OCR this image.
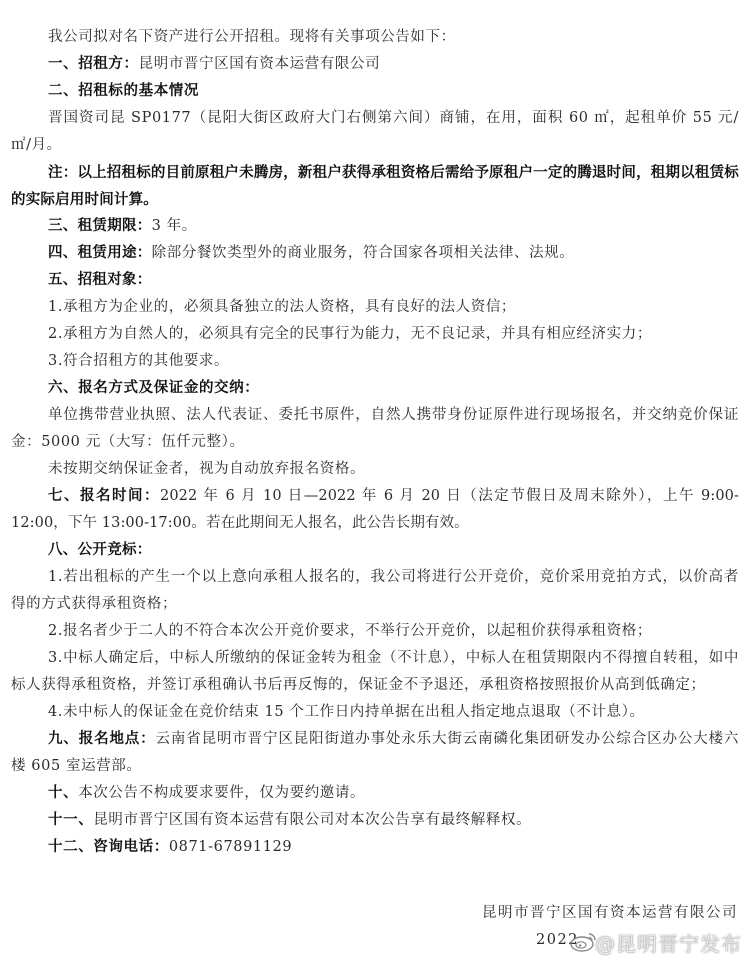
我公司拟对名下资产进行公开招租。现将有关事项公告如下：

一、招租方：昆明市晋宁区国有资本运营有限公司

二、招租标的基本情况

晋国资司昆 SP0177（昆阳大街区政府大门右侧第六间）商铺，在用，面积 60 ㎡，起租单价 55 元/㎡/月。

注：以上招租标的目前原租户未腾房，新租户获得承租资格后需给予原租户一定的腾退时间，租期以租赁标的实际启用时间计算。

三、租赁期限：3 年。

四、租赁用途：除部分餐饮类型外的商业服务，符合国家各项相关法律、法规。

五、招租对象：

1.承租方为企业的，必须具备独立的法人资格，具有良好的法人资信；

2.承租方为自然人的，必须具有完全的民事行为能力，无不良记录，并具有相应经济实力；

3.符合招租方的其他要求。

六、报名方式及保证金的交纳：

单位携带营业执照、法人代表证、委托书原件，自然人携带身份证原件进行现场报名，并交纳竞价保证金：5000 元（大写：伍仟元整）。

未按期交纳保证金者，视为自动放弃报名资格。

七、报名时间：2022 年 6 月 10 日—2022 年 6 月 20 日（法定节假日及周末除外），上午 9:00-12:00，下午 13:00-17:00。若在此期间无人报名，此公告长期有效。

八、公开竞标：

1.若出租标的产生一个以上意向承租人报名的，我公司将进行公开竞价，竞价采用竞拍方式，以价高者得的方式获得承租资格；

2.报名者少于二人的不符合本次公开竞价要求，不举行公开竞价，以起租价获得承租资格；

3.中标人确定后，中标人所缴纳的保证金转为租金（不计息），中标人在租赁期限内不得擅自转租，如中标人获得承租资格，并签订承租确认书后再反悔的，保证金不予退还，承租资格按照报价从高到低确定；

4.未中标人的保证金在竞价结束 15 个工作日内持单据在出租人指定地点退取（不计息）。

九、报名地点：云南省昆明市晋宁区昆阳街道办事处永乐大街云南磷化集团研发办公综合区办公大楼六楼 605 室运营部。

十、本次公告不构成要求要件，仅为要约邀请。

十一、昆明市晋宁区国有资本运营有限公司对本次公告享有最终解释权。

十二、咨询电话：0871-67891129

昆明市晋宁区国有资本运营有限公司
2022 @昆明晋宁发布
